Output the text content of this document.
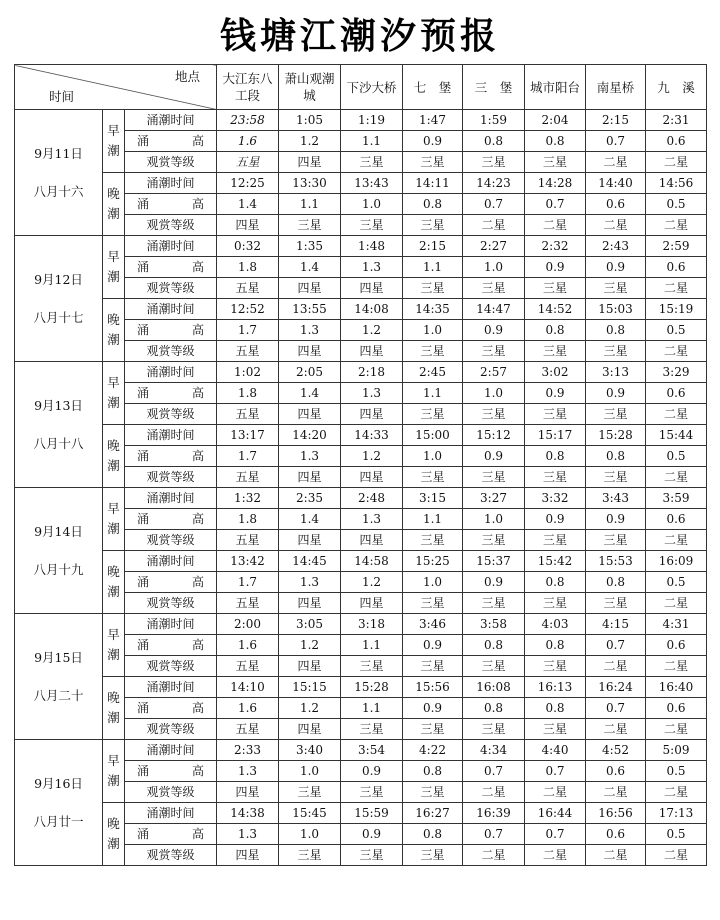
钱塘江潮汐预报
地点
时间			大江东八工段	萧山观潮城	下沙大桥	七　堡	三　堡	城市阳台	南星桥	九　溪

9月11日
八月十六	早潮	涌潮时间	23:58	1:05	1:19	1:47	1:59	2:04	2:15	2:31
		涌　　高	1.6	1.2	1.1	0.9	0.8	0.8	0.7	0.6
		观赏等级	五星	四星	三星	三星	三星	三星	二星	二星

	晚潮	涌潮时间	12:25	13:30	13:43	14:11	14:23	14:28	14:40	14:56
		涌　　高	1.4	1.1	1.0	0.8	0.7	0.7	0.6	0.5
		观赏等级	四星	三星	三星	三星	二星	二星	二星	二星

9月12日
八月十七	早潮	涌潮时间	0:32	1:35	1:48	2:15	2:27	2:32	2:43	2:59
		涌　　高	1.8	1.4	1.3	1.1	1.0	0.9	0.9	0.6
		观赏等级	五星	四星	四星	三星	三星	三星	三星	二星

	晚潮	涌潮时间	12:52	13:55	14:08	14:35	14:47	14:52	15:03	15:19
		涌　　高	1.7	1.3	1.2	1.0	0.9	0.8	0.8	0.5
		观赏等级	五星	四星	四星	三星	三星	三星	三星	二星

9月13日
八月十八	早潮	涌潮时间	1:02	2:05	2:18	2:45	2:57	3:02	3:13	3:29
		涌　　高	1.8	1.4	1.3	1.1	1.0	0.9	0.9	0.6
		观赏等级	五星	四星	四星	三星	三星	三星	三星	二星

	晚潮	涌潮时间	13:17	14:20	14:33	15:00	15:12	15:17	15:28	15:44
		涌　　高	1.7	1.3	1.2	1.0	0.9	0.8	0.8	0.5
		观赏等级	五星	四星	四星	三星	三星	三星	三星	二星

9月14日
八月十九	早潮	涌潮时间	1:32	2:35	2:48	3:15	3:27	3:32	3:43	3:59
		涌　　高	1.8	1.4	1.3	1.1	1.0	0.9	0.9	0.6
		观赏等级	五星	四星	四星	三星	三星	三星	三星	二星

	晚潮	涌潮时间	13:42	14:45	14:58	15:25	15:37	15:42	15:53	16:09
		涌　　高	1.7	1.3	1.2	1.0	0.9	0.8	0.8	0.5
		观赏等级	五星	四星	四星	三星	三星	三星	三星	二星

9月15日
八月二十	早潮	涌潮时间	2:00	3:05	3:18	3:46	3:58	4:03	4:15	4:31
		涌　　高	1.6	1.2	1.1	0.9	0.8	0.8	0.7	0.6
		观赏等级	五星	四星	三星	三星	三星	三星	二星	二星

	晚潮	涌潮时间	14:10	15:15	15:28	15:56	16:08	16:13	16:24	16:40
		涌　　高	1.6	1.2	1.1	0.9	0.8	0.8	0.7	0.6
		观赏等级	五星	四星	三星	三星	三星	三星	二星	二星

9月16日
八月廿一	早潮	涌潮时间	2:33	3:40	3:54	4:22	4:34	4:40	4:52	5:09
		涌　　高	1.3	1.0	0.9	0.8	0.7	0.7	0.6	0.5
		观赏等级	四星	三星	三星	三星	二星	二星	二星	二星

	晚潮	涌潮时间	14:38	15:45	15:59	16:27	16:39	16:44	16:56	17:13
		涌　　高	1.3	1.0	0.9	0.8	0.7	0.7	0.6	0.5
		观赏等级	四星	三星	三星	三星	二星	二星	二星	二星
